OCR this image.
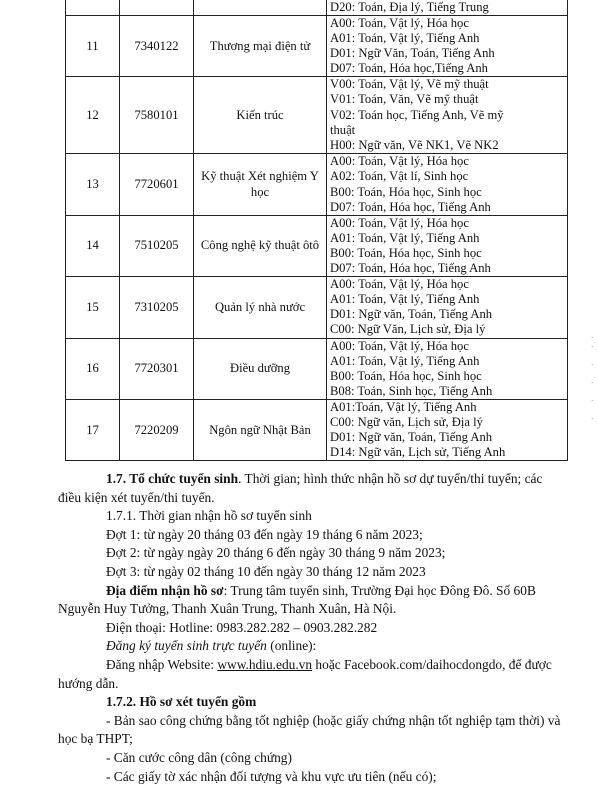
			D20: Toán, Địa lý, Tiếng Trung

11	7340122	Thương mại điện tử	A00: Toán, Vật lý, Hóa học
A01: Toán, Vật lý, Tiếng Anh
D01: Ngữ Văn, Toán, Tiếng Anh
D07: Toán, Hóa học,Tiếng Anh

12	7580101	Kiến trúc	V00: Toán, Vật lý, Vẽ mỹ thuật
V01: Toán, Văn, Vẽ mỹ thuật
V02: Toán học, Tiếng Anh, Vẽ mỹ
thuật
H00: Ngữ văn, Vẽ NK1, Vẽ NK2

13	7720601	Kỹ thuật Xét nghiệm Y học	A00: Toán, Vật lý, Hóa học
A02: Toán, Vật lí, Sinh học
B00: Toán, Hóa học, Sinh học
D07: Toán, Hóa học, Tiếng Anh

14	7510205	Công nghệ kỹ thuật ôtô	A00: Toán, Vật lý, Hóa học
A01: Toán, Vật lý, Tiếng Anh
B00: Toán, Hóa học, Sinh học
D07: Toán, Hóa học, Tiếng Anh

15	7310205	Quản lý nhà nước	A00: Toán, Vật lý, Hóa học
A01: Toán, Vật lý, Tiếng Anh
D01: Ngữ văn, Toán, Tiếng Anh
C00: Ngữ Văn, Lịch sử, Địa lý

16	7720301	Điều dưỡng	A00: Toán, Vật lý, Hóa học
A01: Toán, Vật lý, Tiếng Anh
B00: Toán, Hóa học, Sinh học
B08: Toán, Sinh học, Tiếng Anh

17	7220209	Ngôn ngữ Nhật Bản	A01:Toán, Vật lý, Tiếng Anh
C00: Ngữ văn, Lịch sử, Địa lý
D01: Ngữ văn, Toán, Tiếng Anh
D14: Ngữ văn, Lịch sử, Tiếng Anh

1.7. Tổ chức tuyển sinh. Thời gian; hình thức nhận hồ sơ dự tuyển/thi tuyển; các

điều kiện xét tuyển/thi tuyển.

1.7.1. Thời gian nhận hồ sơ tuyển sinh

Đợt 1: từ ngày 20 tháng 03 đến ngày 19 tháng 6 năm 2023;

Đợt 2: từ ngày ngày 20 tháng 6 đến ngày 30 tháng 9 năm 2023;

Đợt 3: từ ngày 02 tháng 10 đến ngày 30 tháng 12 năm 2023

Địa điểm nhận hồ sơ: Trung tâm tuyển sinh, Trường Đại học Đông Đô. Số 60B

Nguyễn Huy Tưởng, Thanh Xuân Trung, Thanh Xuân, Hà Nội.

Điện thoại: Hotline: 0983.282.282 – 0903.282.282

Đăng ký tuyển sinh trực tuyến (online):

Đăng nhập Website: www.hdiu.edu.vn hoặc Facebook.com/daihocdongdo, để được

hướng dẫn.

1.7.2. Hồ sơ xét tuyển gồm

- Bản sao công chứng bằng tốt nghiệp (hoặc giấy chứng nhận tốt nghiệp tạm thời) và

học bạ THPT;

- Căn cước công dân (công chứng)

- Các giấy tờ xác nhận đối tượng và khu vực ưu tiên (nếu có);

·
·

·

·

·

·
